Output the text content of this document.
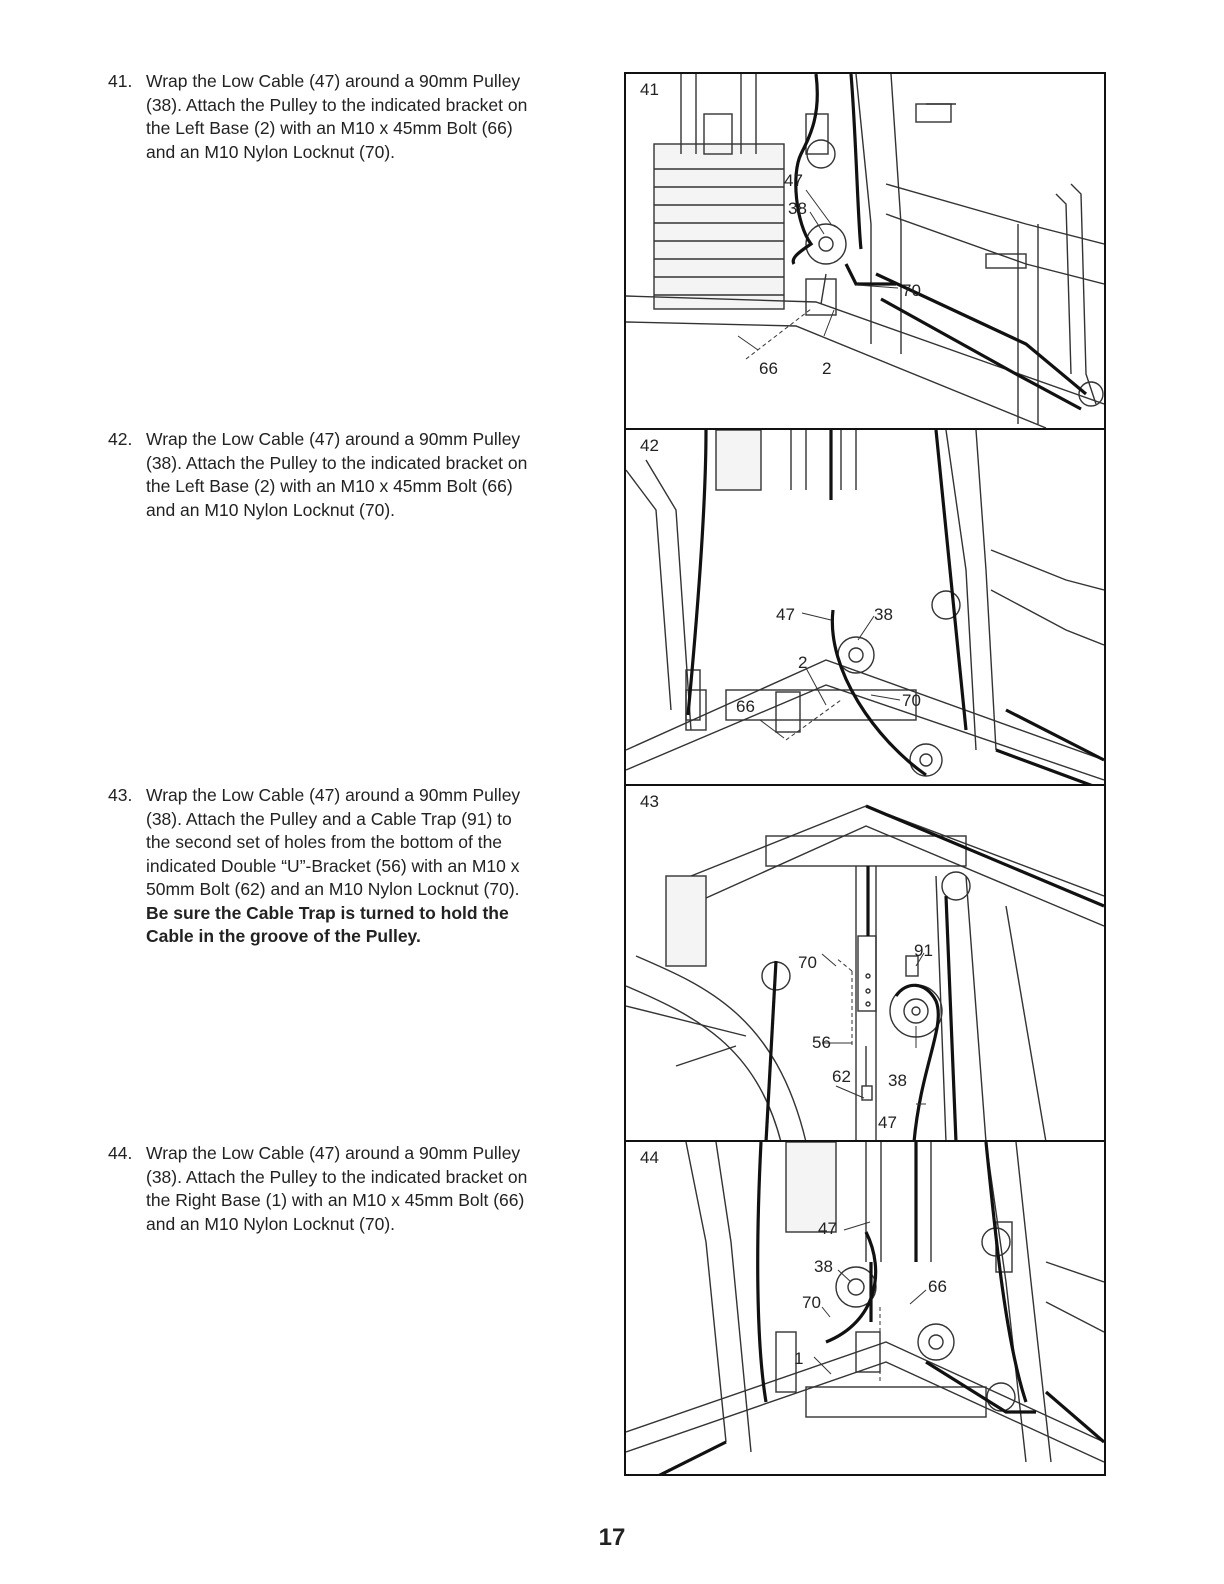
41. Wrap the Low Cable (47) around a 90mm Pulley
(38). Attach the Pulley to the indicated bracket on
the Left Base (2) with an M10 x 45mm Bolt (66)
and an M10 Nylon Locknut (70).
42. Wrap the Low Cable (47) around a 90mm Pulley
(38). Attach the Pulley to the indicated bracket on
the Left Base (2) with an M10 x 45mm Bolt (66)
and an M10 Nylon Locknut (70).
43. Wrap the Low Cable (47) around a 90mm Pulley
(38). Attach the Pulley and a Cable Trap (91) to
the second set of holes from the bottom of the
indicated Double “U”-Bracket (56) with an M10 x
50mm Bolt (62) and an M10 Nylon Locknut (70).
Be sure the Cable Trap is turned to hold the
Cable in the groove of the Pulley.
44. Wrap the Low Cable (47) around a 90mm Pulley
(38). Attach the Pulley to the indicated bracket on
the Right Base (1) with an M10 x 45mm Bolt (66)
and an M10 Nylon Locknut (70).
41
47
38
70
66	2
42
47	38
2
66	70
43
70
91
56
62 38
47
44
47
38
70
66
1
17
